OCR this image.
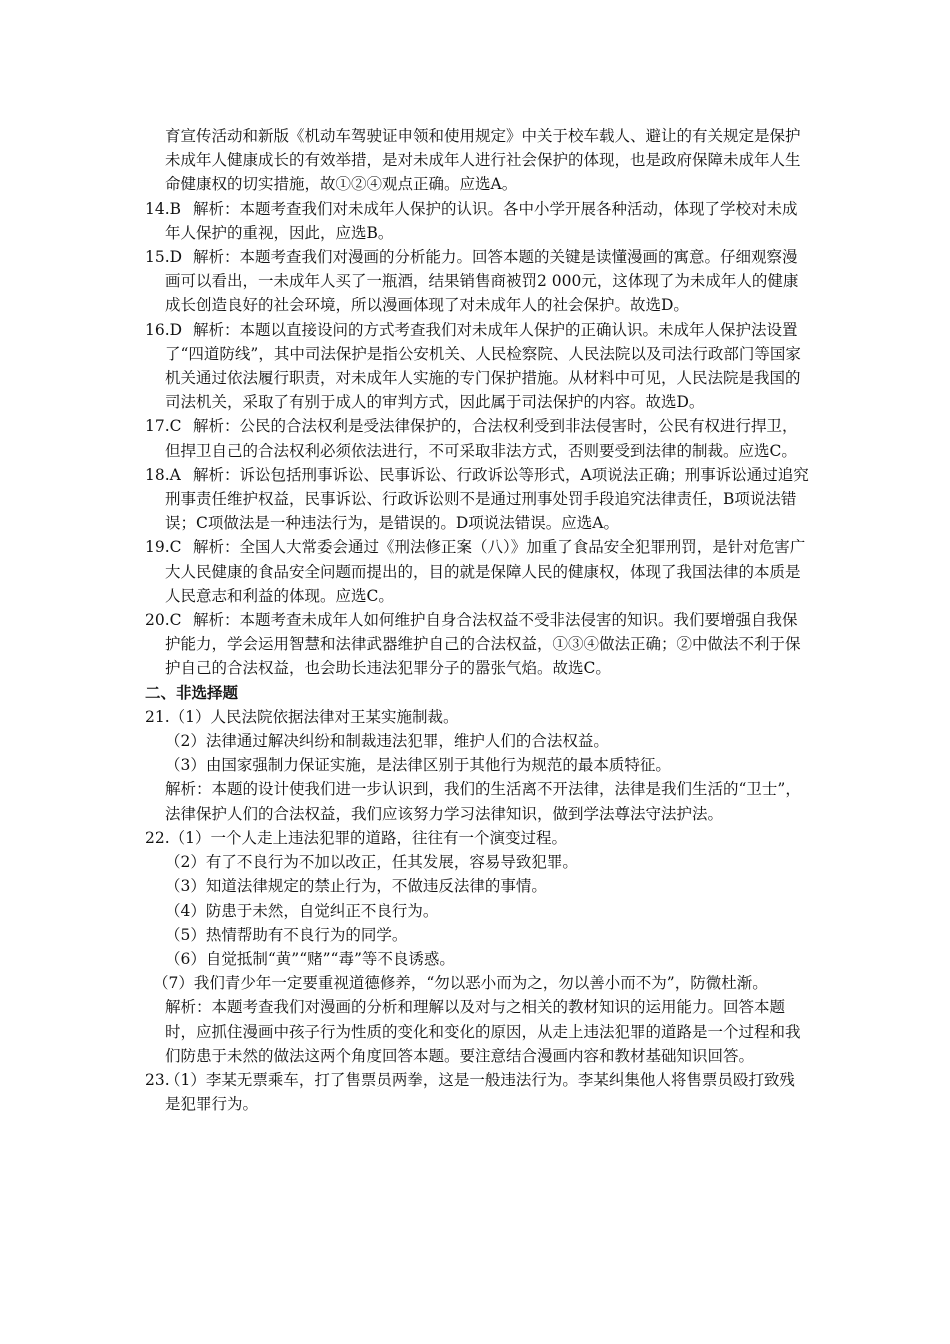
育宣传活动和新版《机动车驾驶证申领和使用规定》中关于校车载人、避让的有关规定是保护未成年人健康成长的有效举措，是对未成年人进行社会保护的体现，也是政府保障未成年人生命健康权的切实措施，故①②④观点正确。应选A。
14.B 解析：本题考查我们对未成年人保护的认识。各中小学开展各种活动，体现了学校对未成年人保护的重视，因此，应选B。
15.D 解析：本题考查我们对漫画的分析能力。回答本题的关键是读懂漫画的寓意。仔细观察漫画可以看出，一未成年人买了一瓶酒，结果销售商被罚2 000元，这体现了为未成年人的健康成长创造良好的社会环境，所以漫画体现了对未成年人的社会保护。故选D。
16.D 解析：本题以直接设问的方式考查我们对未成年人保护的正确认识。未成年人保护法设置了“四道防线”，其中司法保护是指公安机关、人民检察院、人民法院以及司法行政部门等国家机关通过依法履行职责，对未成年人实施的专门保护措施。从材料中可见，人民法院是我国的司法机关，采取了有别于成人的审判方式，因此属于司法保护的内容。故选D。
17.C 解析：公民的合法权利是受法律保护的，合法权利受到非法侵害时，公民有权进行捍卫，但捍卫自己的合法权利必须依法进行，不可采取非法方式，否则要受到法律的制裁。应选C。
18.A 解析：诉讼包括刑事诉讼、民事诉讼、行政诉讼等形式，A项说法正确；刑事诉讼通过追究刑事责任维护权益，民事诉讼、行政诉讼则不是通过刑事处罚手段追究法律责任，B项说法错误；C项做法是一种违法行为，是错误的。D项说法错误。应选A。
19.C 解析：全国人大常委会通过《刑法修正案（八）》加重了食品安全犯罪刑罚，是针对危害广大人民健康的食品安全问题而提出的，目的就是保障人民的健康权，体现了我国法律的本质是人民意志和利益的体现。应选C。
20.C 解析：本题考查未成年人如何维护自身合法权益不受非法侵害的知识。我们要增强自我保护能力，学会运用智慧和法律武器维护自己的合法权益，①③④做法正确；②中做法不利于保护自己的合法权益，也会助长违法犯罪分子的嚣张气焰。故选C。
二、非选择题
21.（1）人民法院依据法律对王某实施制裁。
（2）法律通过解决纠纷和制裁违法犯罪，维护人们的合法权益。
（3）由国家强制力保证实施，是法律区别于其他行为规范的最本质特征。
解析：本题的设计使我们进一步认识到，我们的生活离不开法律，法律是我们生活的“卫士”，法律保护人们的合法权益，我们应该努力学习法律知识，做到学法尊法守法护法。
22.（1）一个人走上违法犯罪的道路，往往有一个演变过程。
（2）有了不良行为不加以改正，任其发展，容易导致犯罪。
（3）知道法律规定的禁止行为，不做违反法律的事情。
（4）防患于未然，自觉纠正不良行为。
（5）热情帮助有不良行为的同学。
（6）自觉抵制“黄”“赌”“毒”等不良诱惑。
（7）我们青少年一定要重视道德修养，“勿以恶小而为之，勿以善小而不为”，防微杜渐。
解析：本题考查我们对漫画的分析和理解以及对与之相关的教材知识的运用能力。回答本题时，应抓住漫画中孩子行为性质的变化和变化的原因，从走上违法犯罪的道路是一个过程和我们防患于未然的做法这两个角度回答本题。要注意结合漫画内容和教材基础知识回答。
23.
（1）李某无票乘车，打了售票员两拳，这是一般违法行为。李某纠集他人将售票员殴打致残是犯罪行为。
